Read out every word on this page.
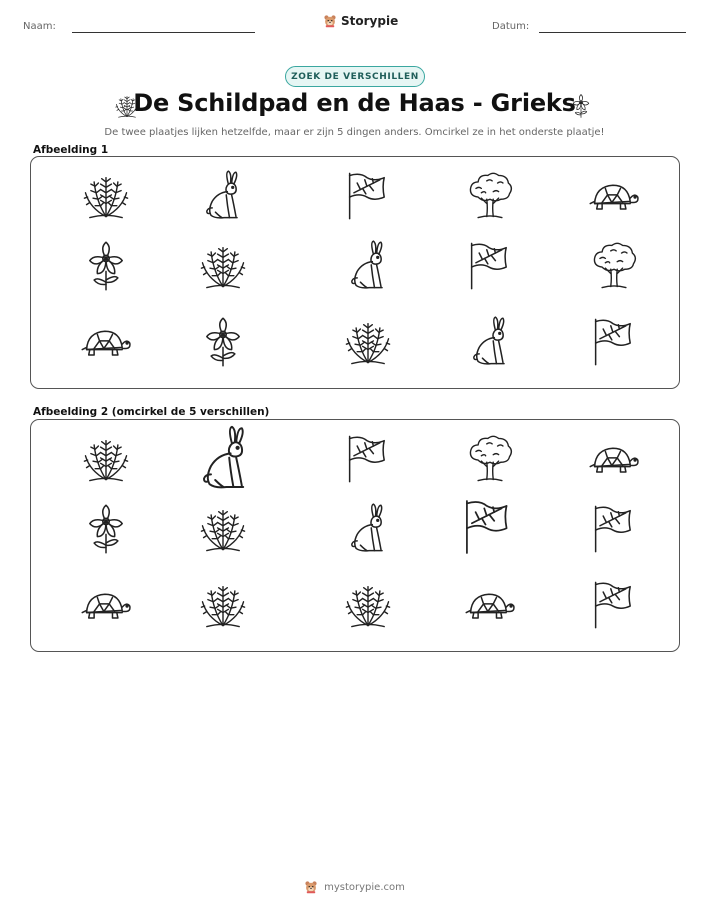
Naam:	Storypie	Datum:
ZOEK DE VERSCHILLEN
De Schildpad en de Haas - Grieks
De twee plaatjes lijken hetzelfde, maar er zijn 5 dingen anders. Omcirkel ze in het onderste plaatje!
Afbeelding 1
Afbeelding 2 (omcirkel de 5 verschillen)
mystorypie.com
